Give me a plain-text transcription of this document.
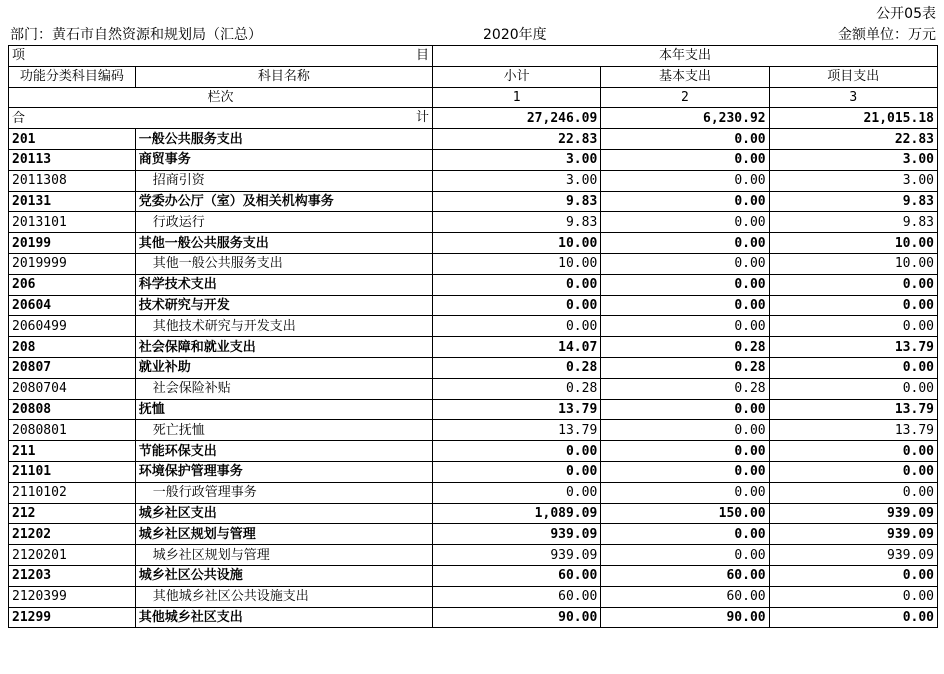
公开05表
部门：黄石市自然资源和规划局（汇总）	2020年度	金额单位：万元
项 目		本年支出		
功能分类科目编码	科目名称	小计	基本支出	项目支出
栏次		1	2	3
合 计		27,246.09	6,230.92	21,015.18
201	一般公共服务支出	22.83	0.00	22.83
20113	商贸事务	3.00	0.00	3.00
2011308	招商引资	3.00	0.00	3.00
20131	党委办公厅（室）及相关机构事务	9.83	0.00	9.83
2013101	行政运行	9.83	0.00	9.83
20199	其他一般公共服务支出	10.00	0.00	10.00
2019999	其他一般公共服务支出	10.00	0.00	10.00
206	科学技术支出	0.00	0.00	0.00
20604	技术研究与开发	0.00	0.00	0.00
2060499	其他技术研究与开发支出	0.00	0.00	0.00
208	社会保障和就业支出	14.07	0.28	13.79
20807	就业补助	0.28	0.28	0.00
2080704	社会保险补贴	0.28	0.28	0.00
20808	抚恤	13.79	0.00	13.79
2080801	死亡抚恤	13.79	0.00	13.79
211	节能环保支出	0.00	0.00	0.00
21101	环境保护管理事务	0.00	0.00	0.00
2110102	一般行政管理事务	0.00	0.00	0.00
212	城乡社区支出	1,089.09	150.00	939.09
21202	城乡社区规划与管理	939.09	0.00	939.09
2120201	城乡社区规划与管理	939.09	0.00	939.09
21203	城乡社区公共设施	60.00	60.00	0.00
2120399	其他城乡社区公共设施支出	60.00	60.00	0.00
21299	其他城乡社区支出	90.00	90.00	0.00
